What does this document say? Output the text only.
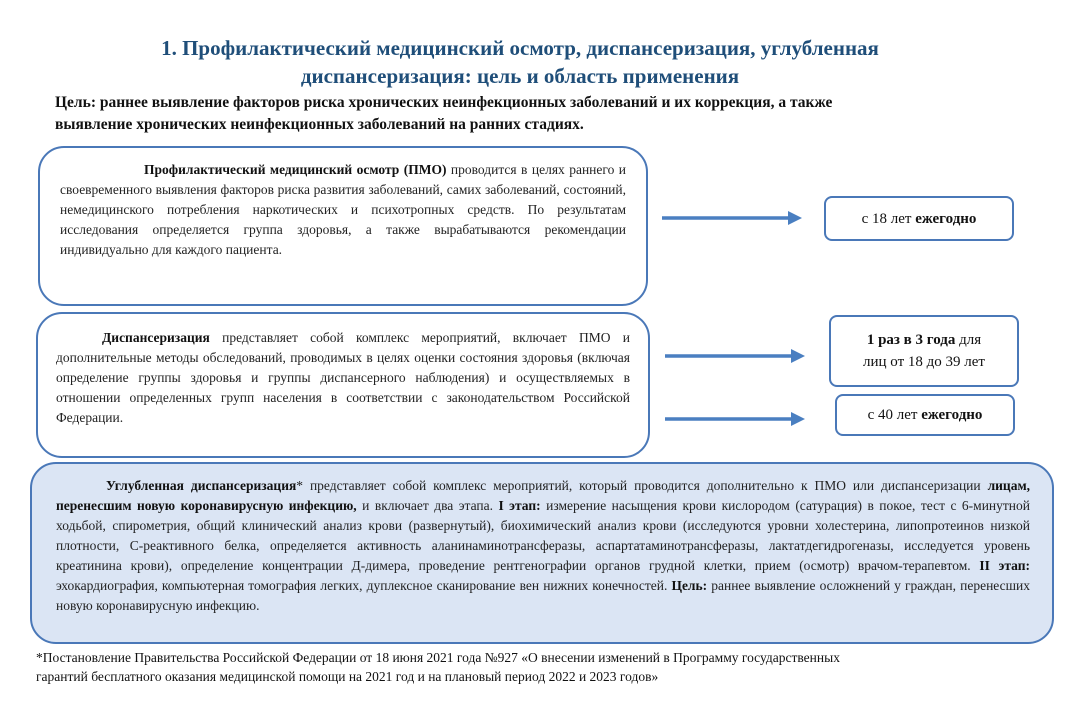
1. Профилактический медицинский осмотр, диспансеризация, углубленная
диспансеризация: цель и область применения
Цель: раннее выявление факторов риска хронических неинфекционных заболеваний и их коррекция, а также
выявление хронических неинфекционных заболеваний на ранних стадиях.
Профилактический медицинский осмотр (ПМО) проводится в целях раннего и своевременного выявления факторов риска развития заболеваний, самих заболеваний, состояний, немедицинского потребления наркотических и психотропных средств. По результатам исследования определяется группа здоровья, а также вырабатываются рекомендации индивидуально для каждого пациента.
Диспансеризация представляет собой комплекс мероприятий, включает ПМО и дополнительные методы обследований, проводимых в целях оценки состояния здоровья (включая определение группы здоровья и группы диспансерного наблюдения) и осуществляемых в отношении определенных групп населения в соответствии с законодательством Российской Федерации.
Углубленная диспансеризация* представляет собой комплекс мероприятий, который проводится дополнительно к ПМО или диспансеризации лицам, перенесшим новую коронавирусную инфекцию, и включает два этапа. I этап: измерение насыщения крови кислородом (сатурация) в покое, тест с 6-минутной ходьбой, спирометрия, общий клинический анализ крови (развернутый), биохимический анализ крови (исследуются уровни холестерина, липопротеинов низкой плотности, С-реактивного белка, определяется активность аланинаминотрансферазы, аспартатаминотрансферазы, лактатдегидрогеназы, исследуется уровень креатинина крови), определение концентрации Д-димера, проведение рентгенографии органов грудной клетки, прием (осмотр) врачом-терапевтом. II этап: эхокардиография, компьютерная томография легких, дуплексное сканирование вен нижних конечностей. Цель: раннее выявление осложнений у граждан, перенесших новую коронавирусную инфекцию.
с 18 лет ежегодно
1 раз в 3 года для
лиц от 18 до 39 лет
с 40 лет ежегодно
*Постановление Правительства Российской Федерации от 18 июня 2021 года №927 «О внесении изменений в Программу государственных
гарантий бесплатного оказания медицинской помощи на 2021 год и на плановый период 2022 и 2023 годов»
